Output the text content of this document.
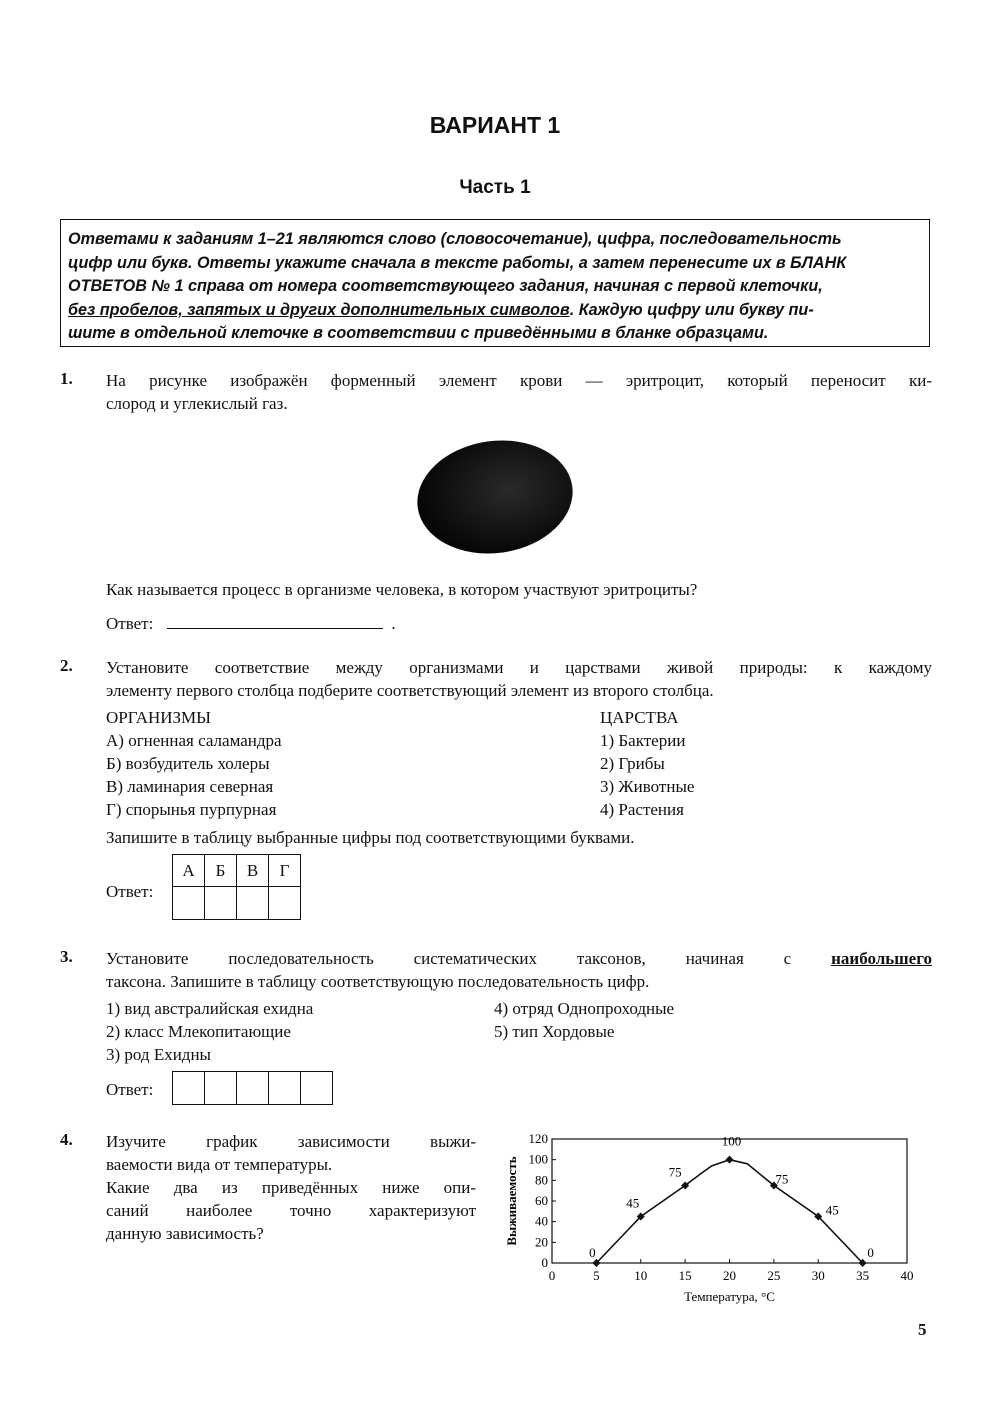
ВАРИАНТ 1
Часть 1
Ответами к заданиям 1–21 являются слово (словосочетание), цифра, последовательность
цифр или букв. Ответы укажите сначала в тексте работы, а затем перенесите их в БЛАНК
ОТВЕТОВ № 1 справа от номера соответствующего задания, начиная с первой клеточки,
без пробелов, запятых и других дополнительных символов. Каждую цифру или букву пи-
шите в отдельной клеточке в соответствии с приведёнными в бланке образцами.
1. На рисунке изображён форменный элемент крови — эритроцит, который переносит ки-
слород и углекислый газ.
Как называется процесс в организме человека, в котором участвуют эритроциты?
Ответ:	.
2. Установите соответствие между организмами и царствами живой природы: к каждому
элементу первого столбца подберите соответствующий элемент из второго столбца.
ОРГАНИЗМЫ
А) огненная саламандра
Б) возбудитель холеры
В) ламинария северная
Г) спорынья пурпурная
ЦАРСТВА
1) Бактерии
2) Грибы
3) Животные
4) Растения
Запишите в таблицу выбранные цифры под соответствующими буквами.
Ответ:
А	Б	В	Г

3. Установите последовательность систематических таксонов, начиная с наибольшего
таксона. Запишите в таблицу соответствующую последовательность цифр.
1) вид австралийская ехидна
2) класс Млекопитающие
3) род Ехидны
4) отряд Однопроходные
5) тип Хордовые
Ответ:

4. Изучите график зависимости выжи-
ваемости вида от температуры.
Какие два из приведённых ниже опи-
саний наиболее точно характеризуют
данную зависимость?
0
20
40
60
80
100
120
0	5	10 15 20 25 30 35 40
0
45
75
100
75
45
0
Температура, °С
Выживаемость
5
